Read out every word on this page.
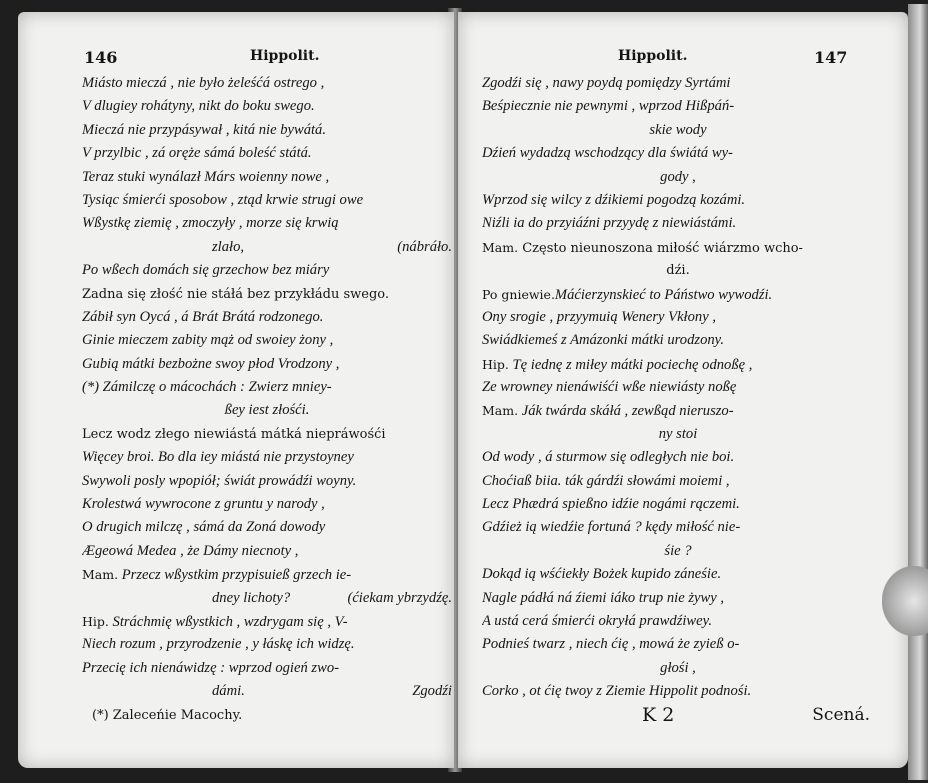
146	Hippolit.
Miásto mieczá , nie było żeleśćá ostrego ,
V dlugiey rohátyny, nikt do boku swego.
Mieczá nie przypásywał , kitá nie bywátá.
V przylbic , zá oręże sámá boleść státá.
Teraz stuki wynálazł Márs woienny nowe ,
Tysiąc śmierći sposobow , ztąd krwie strugi owe
Wßystkę ziemię , zmoczyły , morze się krwią
zlało,	(nábráło.
Po wßech domách się grzechow bez miáry
Zadna się złość nie stáłá bez przykłádu swego.
Zábił syn Oycá , á Brát Brátá rodzonego.
Ginie mieczem zabity mąż od swoiey żony ,
Gubią mátki bezbożne swoy płod Vrodzony ,
(*) Zámilczę o mácochách : Zwierz mniey-
ßey iest złośći.
Lecz wodz złego niewiástá mátká niepráwośći
Więcey broi. Bo dla iey miástá nie przystoyney
Swywoli posly wpopiół; świát prowádźi woyny.
Krolestwá wywrocone z gruntu y narody ,
O drugich milczę , sámá da Zoná dowody
Ægeowá Medea , że Dámy niecnoty ,
Mam. Przecz wßystkim przypisuieß grzech ie-
dney lichoty?	(ćiekam ybrzydźę.
Hip. Stráchmię wßystkich , wzdrygam się , V-
Niech rozum , przyrodzenie , y łáskę ich widzę.
Przecię ich nienáwidzę : wprzod ogień zwo-
dámi.	Zgodźi
(*) Zaleceńie Macochy.
Hippolit.	147
Zgodźi się , nawy poydą pomiędzy Syrtámi
Beśpiecznie nie pewnymi , wprzod Hißpáń-
skie wody
Dźień wydadzą wschodzący dla świátá wy-
gody ,
Wprzod się wilcy z dźikiemi pogodzą kozámi.
Niźli ia do przyiáźni przyydę z niewiástámi.
Mam. Często nieunoszona miłość wiárzmo wcho-
dźi.
Po gniewie.Máćierzynskieć to Páństwo wywodźi.
Ony srogie , przyymuią Wenery Vkłony ,
Swiádkiemeś z Amázonki mátki urodzony.
Hip. Tę iednę z miłey mátki pociechę odnoßę ,
Ze wrowney nienáwiśći wße niewiásty noßę
Mam. Ják twárda skáłá , zewßąd nieruszo-
ny stoi
Od wody , á sturmow się odległych nie boi.
Choćiaß biia. ták gárdźi słowámi moiemi ,
Lecz Phædrá spießno idźie nogámi rączemi.
Gdźież ią wiedźie fortuná ? kędy miłość nie-
śie ?
Dokąd ią wśćiekły Bożek kupido záneśie.
Nagle pádłá ná źiemi iáko trup nie żywy ,
A ustá cerá śmierći okryłá prawdźiwey.
Podnieś twarz , niech ćię , mowá że zyieß o-
głośi ,
Corko , ot ćię twoy z Ziemie Hippolit podnośi.
K 2	Scená.
